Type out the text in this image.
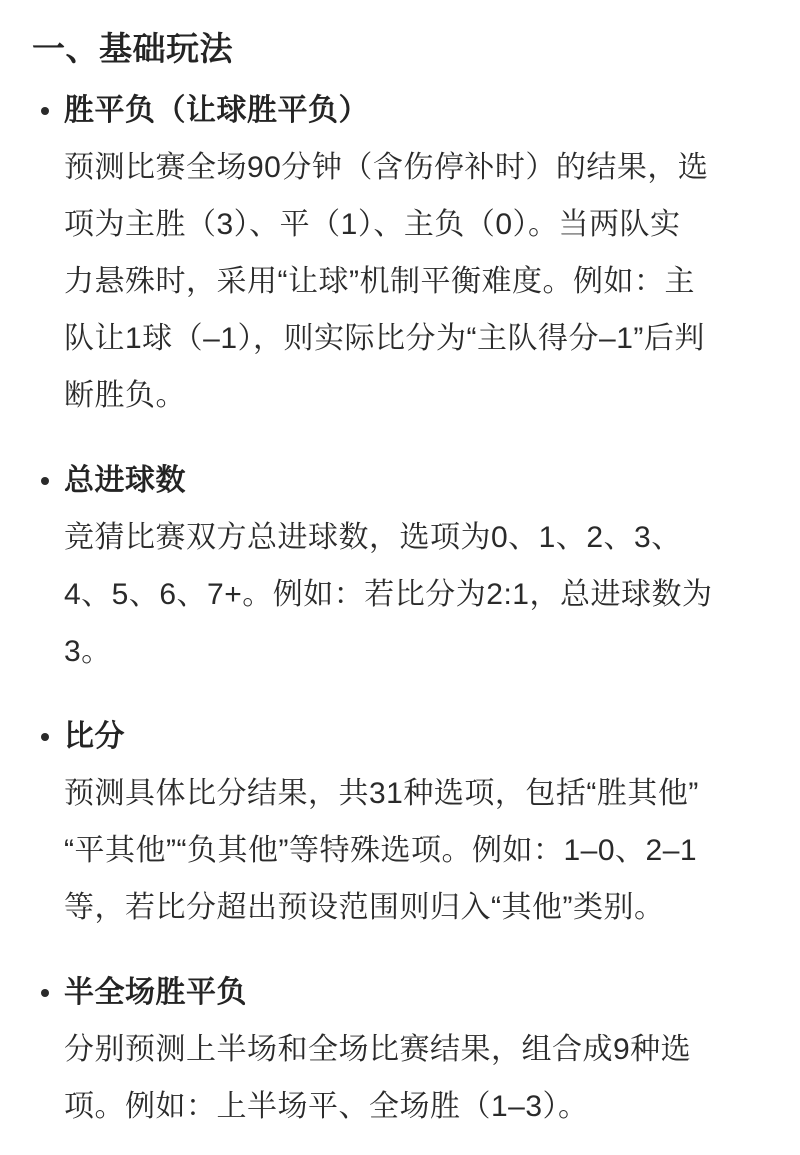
一、基础玩法
胜平负（让球胜平负）
预测比赛全场90分钟（含伤停补时）的结果，选
项为主胜（3）、平（1）、主负（0）。当两队实
力悬殊时，采用“让球”机制平衡难度。例如：主
队让1球（–1），则实际比分为“主队得分–1”后判
断胜负。
总进球数
竞猜比赛双方总进球数，选项为0、1、2、3、
4、5、6、7+。例如：若比分为2:1，总进球数为
3。
比分
预测具体比分结果，共31种选项，包括“胜其他”
“平其他”“负其他”等特殊选项。例如：1–0、2–1
等，若比分超出预设范围则归入“其他”类别。
半全场胜平负
分别预测上半场和全场比赛结果，组合成9种选
项。例如：上半场平、全场胜（1–3）。
